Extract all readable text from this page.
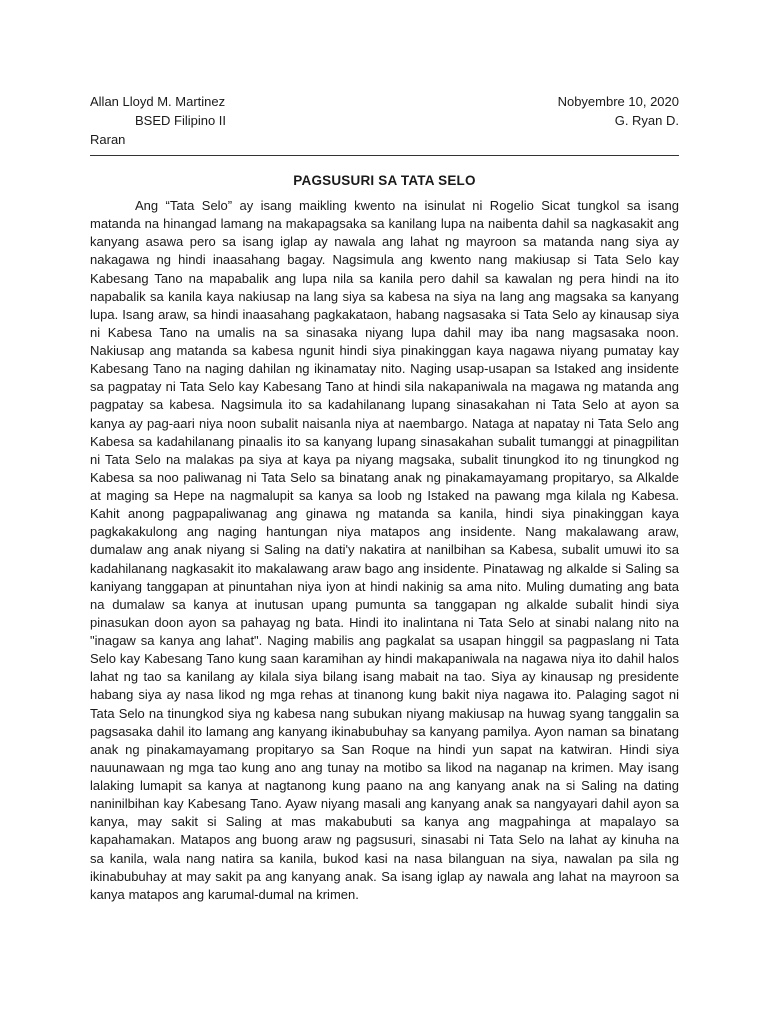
Allan Lloyd M. Martinez	Nobyembre 10, 2020
BSED Filipino II	G. Ryan D.
Raran
PAGSUSURI SA TATA SELO

Ang “Tata Selo” ay isang maikling kwento na isinulat ni Rogelio Sicat tungkol sa isang matanda na hinangad lamang na makapagsaka sa kanilang lupa na naibenta dahil sa nagkasakit ang kanyang asawa pero sa isang iglap ay nawala ang lahat ng mayroon sa matanda nang siya ay nakagawa ng hindi inaasahang bagay. Nagsimula ang kwento nang makiusap si Tata Selo kay Kabesang Tano na mapabalik ang lupa nila sa kanila pero dahil sa kawalan ng pera hindi na ito napabalik sa kanila kaya nakiusap na lang siya sa kabesa na siya na lang ang magsaka sa kanyang lupa. Isang araw, sa hindi inaasahang pagkakataon, habang nagsasaka si Tata Selo ay kinausap siya ni Kabesa Tano na umalis na sa sinasaka niyang lupa dahil may iba nang magsasaka noon. Nakiusap ang matanda sa kabesa ngunit hindi siya pinakinggan kaya nagawa niyang pumatay kay Kabesang Tano na naging dahilan ng ikinamatay nito. Naging usap-usapan sa Istaked ang insidente sa pagpatay ni Tata Selo kay Kabesang Tano at hindi sila nakapaniwala na magawa ng matanda ang pagpatay sa kabesa. Nagsimula ito sa kadahilanang lupang sinasakahan ni Tata Selo at ayon sa kanya ay pag-aari niya noon subalit naisanla niya at naembargo. Nataga at napatay ni Tata Selo ang Kabesa sa kadahilanang pinaalis ito sa kanyang lupang sinasakahan subalit tumanggi at pinagpilitan ni Tata Selo na malakas pa siya at kaya pa niyang magsaka, subalit tinungkod ito ng tinungkod ng Kabesa sa noo paliwanag ni Tata Selo sa binatang anak ng pinakamayamang propitaryo, sa Alkalde at maging sa Hepe na nagmalupit sa kanya sa loob ng Istaked na pawang mga kilala ng Kabesa. Kahit anong pagpapaliwanag ang ginawa ng matanda sa kanila, hindi siya pinakinggan kaya pagkakakulong ang naging hantungan niya matapos ang insidente. Nang makalawang araw, dumalaw ang anak niyang si Saling na dati'y nakatira at nanilbihan sa Kabesa, subalit umuwi ito sa kadahilanang nagkasakit ito makalawang araw bago ang insidente. Pinatawag ng alkalde si Saling sa kaniyang tanggapan at pinuntahan niya iyon at hindi nakinig sa ama nito. Muling dumating ang bata na dumalaw sa kanya at inutusan upang pumunta sa tanggapan ng alkalde subalit hindi siya pinasukan doon ayon sa pahayag ng bata. Hindi ito inalintana ni Tata Selo at sinabi nalang nito na "inagaw sa kanya ang lahat". Naging mabilis ang pagkalat sa usapan hinggil sa pagpaslang ni Tata Selo kay Kabesang Tano kung saan karamihan ay hindi makapaniwala na nagawa niya ito dahil halos lahat ng tao sa kanilang ay kilala siya bilang isang mabait na tao. Siya ay kinausap ng presidente habang siya ay nasa likod ng mga rehas at tinanong kung bakit niya nagawa ito. Palaging sagot ni Tata Selo na tinungkod siya ng kabesa nang subukan niyang makiusap na huwag syang tanggalin sa pagsasaka dahil ito lamang ang kanyang ikinabubuhay sa kanyang pamilya. Ayon naman sa binatang anak ng pinakamayamang propitaryo sa San Roque na hindi yun sapat na katwiran. Hindi siya nauunawaan ng mga tao kung ano ang tunay na motibo sa likod na naganap na krimen. May isang lalaking lumapit sa kanya at nagtanong kung paano na ang kanyang anak na si Saling na dating naninilbihan kay Kabesang Tano. Ayaw niyang masali ang kanyang anak sa nangyayari dahil ayon sa kanya, may sakit si Saling at mas makabubuti sa kanya ang magpahinga at mapalayo sa kapahamakan. Matapos ang buong araw ng pagsusuri, sinasabi ni Tata Selo na lahat ay kinuha na sa kanila, wala nang natira sa kanila, bukod kasi na nasa bilanguan na siya, nawalan pa sila ng ikinabubuhay at may sakit pa ang kanyang anak. Sa isang iglap ay nawala ang lahat na mayroon sa kanya matapos ang karumal-dumal na krimen.
